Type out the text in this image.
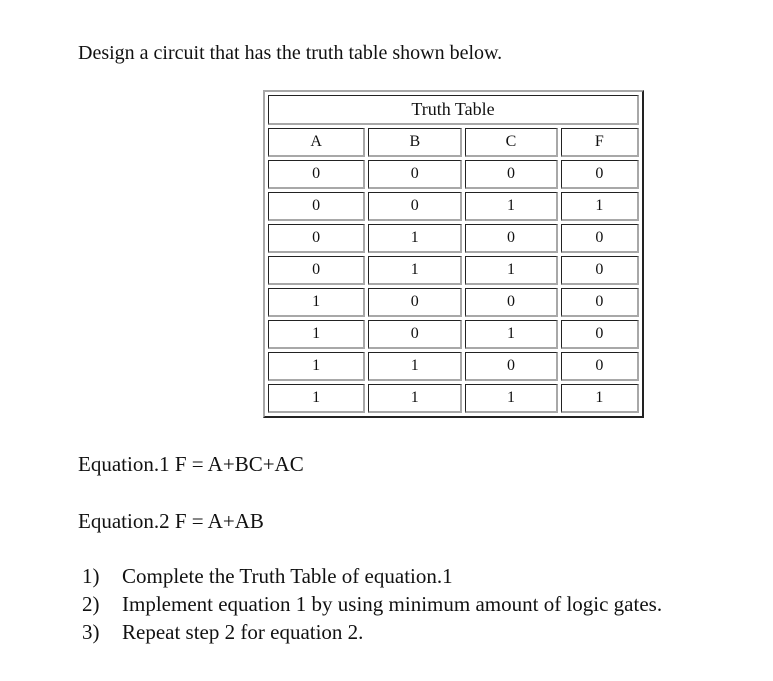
Design a circuit that has the truth table shown below.
Truth Table			
A	B	C	F
0	0	0	0
0	0	1	1
0	1	0	0
0	1	1	0
1	0	0	0
1	0	1	0
1	1	0	0
1	1	1	1
Equation.1 F = A+BC+AC
Equation.2 F = A+AB
1) Complete the Truth Table of equation.1
2) Implement equation 1 by using minimum amount of logic gates.
3) Repeat step 2 for equation 2.
